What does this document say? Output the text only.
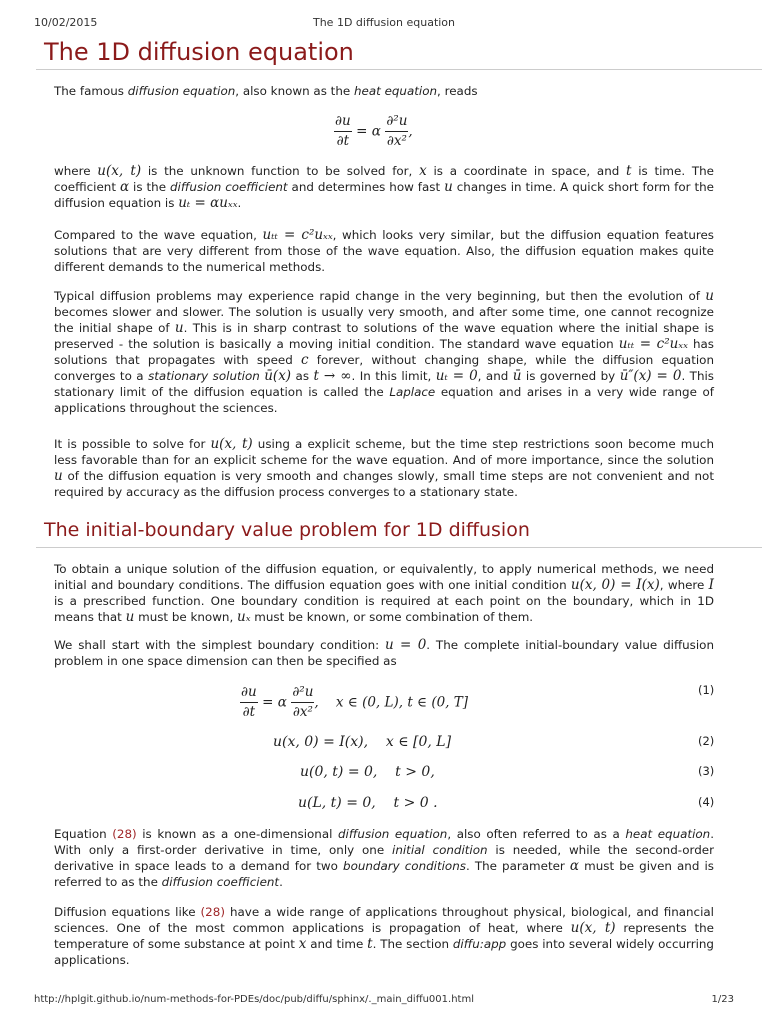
10/02/2015	The 1D diffusion equation
The 1D diffusion equation
The famous diffusion equation, also known as the heat equation, reads
$\frac{\partial u}{\partial t} = \alpha \frac{\text{∂²u}}{\text{∂x²}}$ ,
where u(x, t) is the unknown function to be solved for, x is a coordinate in space, and t is time. The coefficient α is the diffusion coefficient and determines how fast u changes in time. A quick short form for the diffusion equation is uₜ = αuₓₓ.
Compared to the wave equation, uₜₜ = c²uₓₓ, which looks very similar, but the diffusion equation features solutions that are very different from those of the wave equation. Also, the diffusion equation makes quite different demands to the numerical methods.
Typical diffusion problems may experience rapid change in the very beginning, but then the evolution of u becomes slower and slower. The solution is usually very smooth, and after some time, one cannot recognize the initial shape of u. This is in sharp contrast to solutions of the wave equation where the initial shape is preserved - the solution is basically a moving initial condition. The standard wave equation uₜₜ = c²uₓₓ has solutions that propagates with speed c forever, without changing shape, while the diffusion equation converges to a stationary solution ū(x) as t → ∞. In this limit, uₜ = 0, and ū is governed by ū″(x) = 0. This stationary limit of the diffusion equation is called the Laplace equation and arises in a very wide range of applications throughout the sciences.
It is possible to solve for u(x, t) using a explicit scheme, but the time step restrictions soon become much less favorable than for an explicit scheme for the wave equation. And of more importance, since the solution u of the diffusion equation is very smooth and changes slowly, small time steps are not convenient and not required by accuracy as the diffusion process converges to a stationary state.
The initial-boundary value problem for 1D diffusion
To obtain a unique solution of the diffusion equation, or equivalently, to apply numerical methods, we need initial and boundary conditions. The diffusion equation goes with one initial condition u(x, 0) = I(x), where I is a prescribed function. One boundary condition is required at each point on the boundary, which in 1D means that u must be known, uₓ must be known, or some combination of them.
We shall start with the simplest boundary condition: u = 0. The complete initial-boundary value diffusion problem in one space dimension can then be specified as
$\frac{\partial u}{\partial t} = \alpha \frac{\text{∂²u}}{\text{∂x²}}$ ,    x ∈ (0, L), t ∈ (0, T]
(1)
u(x, 0) = I(x),    x ∈ [0, L]	(2)
u(0, t) = 0,    t > 0,	(3)
u(L, t) = 0,    t > 0 .	(4)
Equation (28) is known as a one-dimensional diffusion equation, also often referred to as a heat equation. With only a first-order derivative in time, only one initial condition is needed, while the second-order derivative in space leads to a demand for two boundary conditions. The parameter α must be given and is referred to as the diffusion coefficient.
Diffusion equations like (28) have a wide range of applications throughout physical, biological, and financial sciences. One of the most common applications is propagation of heat, where u(x, t) represents the temperature of some substance at point x and time t. The section diffu:app goes into several widely occurring applications.
http://hplgit.github.io/num-methods-for-PDEs/doc/pub/diffu/sphinx/._main_diffu001.html	1/23
